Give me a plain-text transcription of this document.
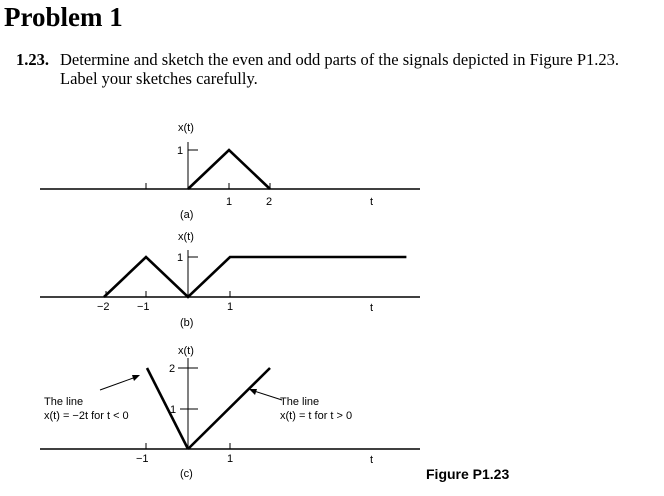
Problem 1
1.23. Determine and sketch the even and odd parts of the signals depicted in Figure P1.23.
Label your sketches carefully.
x(t)
1
1	2	t
(a)
x(t)
1
−2 −1	1	t
(b)
x(t)
2
1
−1	1	t
(c)
The line
x(t) = −2t for t < 0
The line
x(t) = t for t > 0
Figure P1.23
